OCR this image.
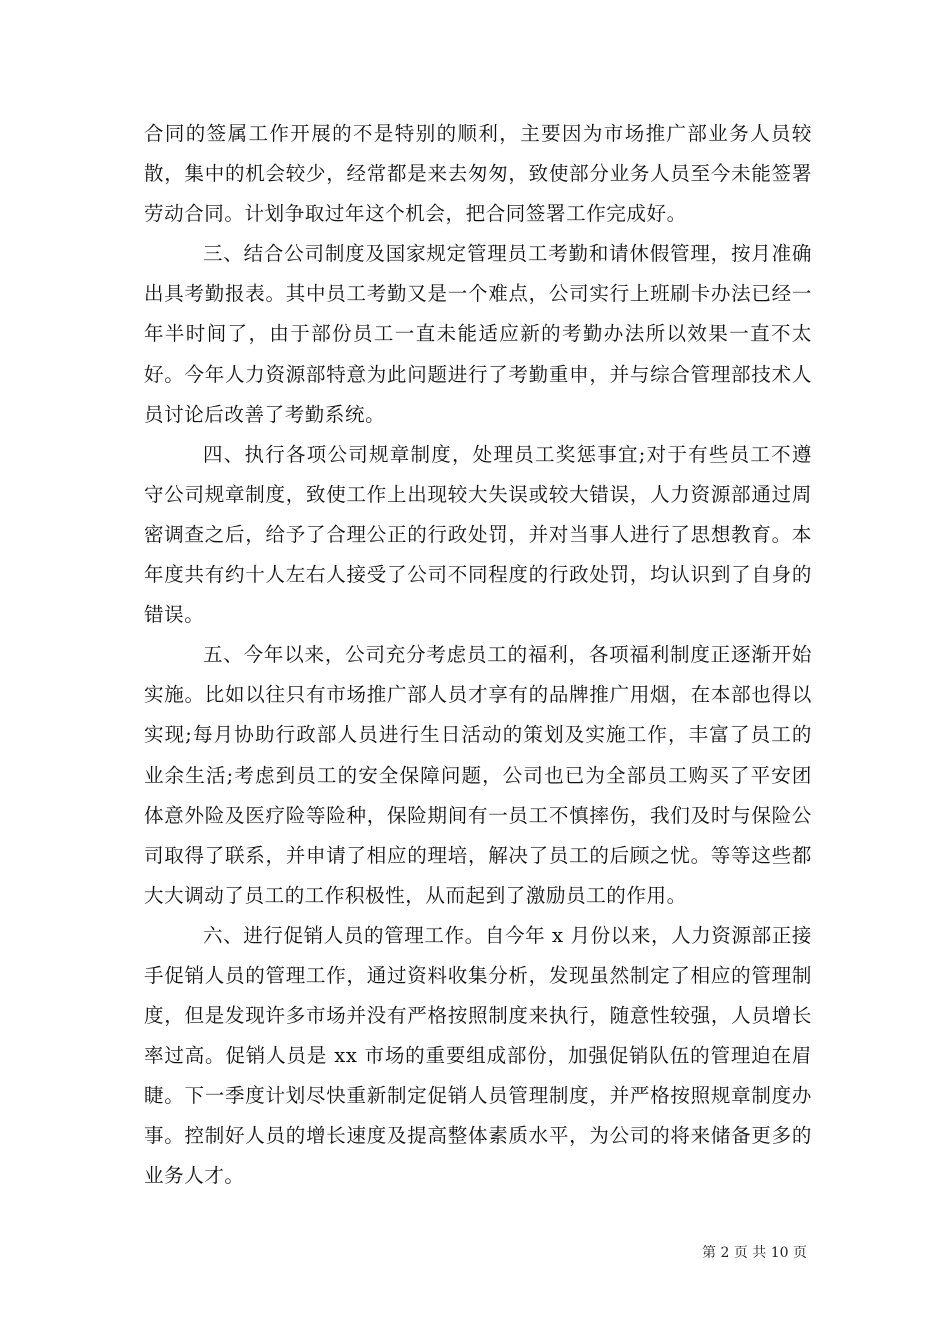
合同的签属工作开展的不是特别的顺利，主要因为市场推广部业务人员较散，集中的机会较少，经常都是来去匆匆，致使部分业务人员至今未能签署劳动合同。计划争取过年这个机会，把合同签署工作完成好。

三、结合公司制度及国家规定管理员工考勤和请休假管理，按月准确出具考勤报表。其中员工考勤又是一个难点，公司实行上班刷卡办法已经一年半时间了，由于部份员工一直未能适应新的考勤办法所以效果一直不太好。今年人力资源部特意为此问题进行了考勤重申，并与综合管理部技术人员讨论后改善了考勤系统。

四、执行各项公司规章制度，处理员工奖惩事宜;对于有些员工不遵守公司规章制度，致使工作上出现较大失误或较大错误，人力资源部通过周密调查之后，给予了合理公正的行政处罚，并对当事人进行了思想教育。本年度共有约十人左右人接受了公司不同程度的行政处罚，均认识到了自身的错误。

五、今年以来，公司充分考虑员工的福利，各项福利制度正逐渐开始实施。比如以往只有市场推广部人员才享有的品牌推广用烟，在本部也得以实现;每月协助行政部人员进行生日活动的策划及实施工作，丰富了员工的业余生活;考虑到员工的安全保障问题，公司也已为全部员工购买了平安团体意外险及医疗险等险种，保险期间有一员工不慎摔伤，我们及时与保险公司取得了联系，并申请了相应的理培，解决了员工的后顾之忧。等等这些都大大调动了员工的工作积极性，从而起到了激励员工的作用。

六、进行促销人员的管理工作。自今年 x 月份以来，人力资源部正接手促销人员的管理工作，通过资料收集分析，发现虽然制定了相应的管理制度，但是发现许多市场并没有严格按照制度来执行，随意性较强，人员增长率过高。促销人员是 xx 市场的重要组成部份，加强促销队伍的管理迫在眉睫。下一季度计划尽快重新制定促销人员管理制度，并严格按照规章制度办事。控制好人员的增长速度及提高整体素质水平，为公司的将来储备更多的业务人才。

第 2 页 共 10 页
